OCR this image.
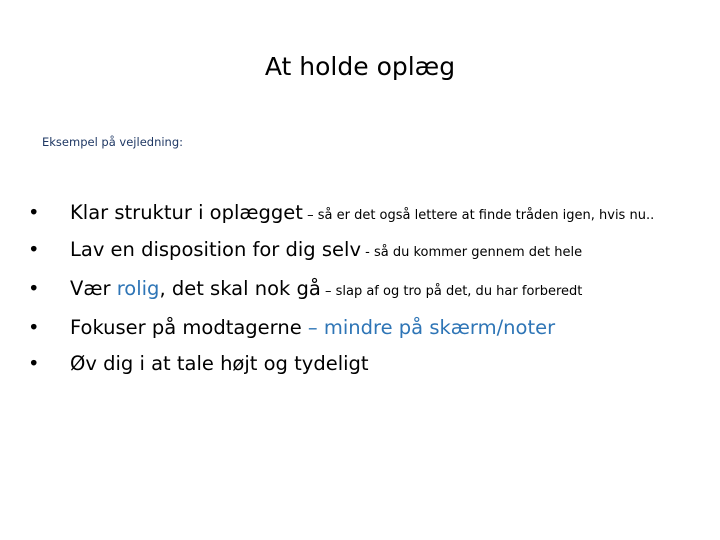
At holde oplæg

Eksempel på vejledning:

• Klar struktur i oplægget – så er det også lettere at finde tråden igen, hvis nu..
• Lav en disposition for dig selv - så du kommer gennem det hele
• Vær rolig, det skal nok gå – slap af og tro på det, du har forberedt
• Fokuser på modtagerne – mindre på skærm/noter
• Øv dig i at tale højt og tydeligt
